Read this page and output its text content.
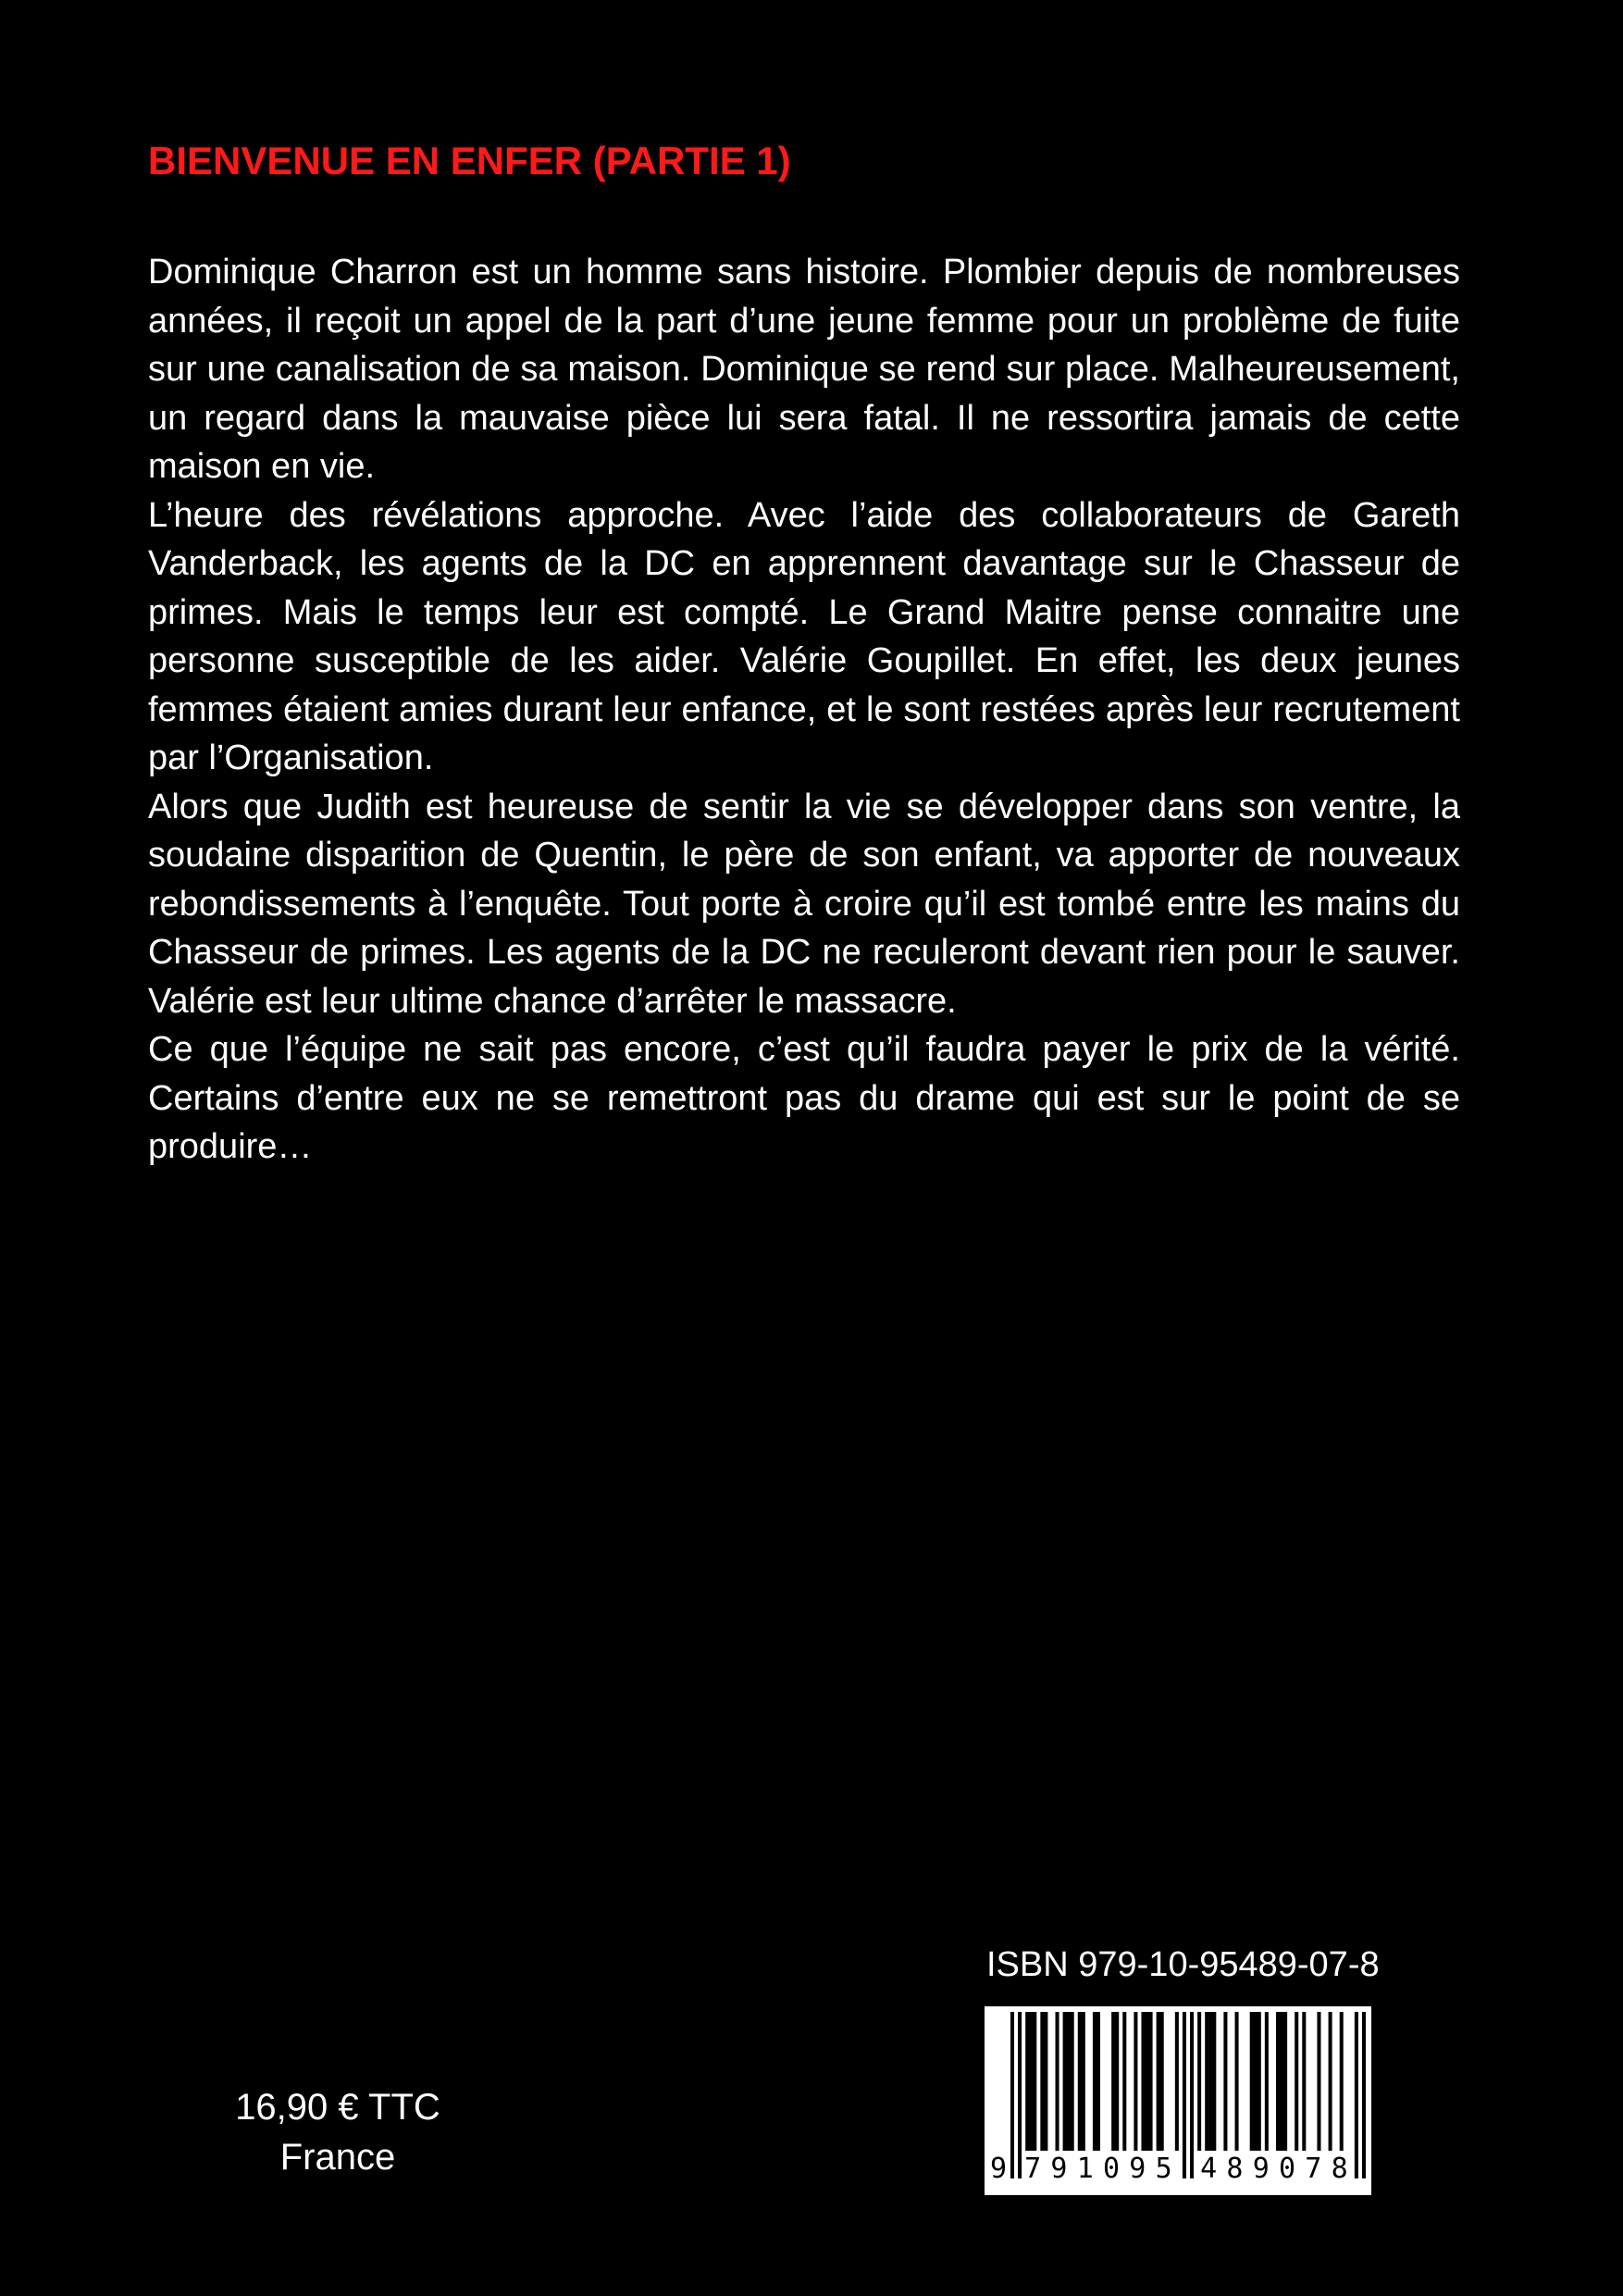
BIENVENUE EN ENFER (PARTIE 1)

Dominique Charron est un homme sans histoire. Plombier depuis de nombreuses années, il reçoit un appel de la part d’une jeune femme pour un problème de fuite sur une canalisation de sa maison. Dominique se rend sur place. Malheureusement, un regard dans la mauvaise pièce lui sera fatal. Il ne ressortira jamais de cette maison en vie.

L’heure des révélations approche. Avec l’aide des collaborateurs de Gareth Vanderback, les agents de la DC en apprennent davantage sur le Chasseur de primes. Mais le temps leur est compté. Le Grand Maitre pense connaitre une personne susceptible de les aider. Valérie Goupillet. En effet, les deux jeunes femmes étaient amies durant leur enfance, et le sont restées après leur recrutement par l’Organisation.

Alors que Judith est heureuse de sentir la vie se développer dans son ventre, la soudaine disparition de Quentin, le père de son enfant, va apporter de nouveaux rebondissements à l’enquête. Tout porte à croire qu’il est tombé entre les mains du Chasseur de primes. Les agents de la DC ne reculeront devant rien pour le sauver. Valérie est leur ultime chance d’arrêter le massacre.

Ce que l’équipe ne sait pas encore, c’est qu’il faudra payer le prix de la vérité. Certains d’entre eux ne se remettront pas du drame qui est sur le point de se produire…

16,90 € TTC
France
ISBN 979-10-95489-07-8
9 7 9 1 0 9 5 4 8 9 0 7 8
